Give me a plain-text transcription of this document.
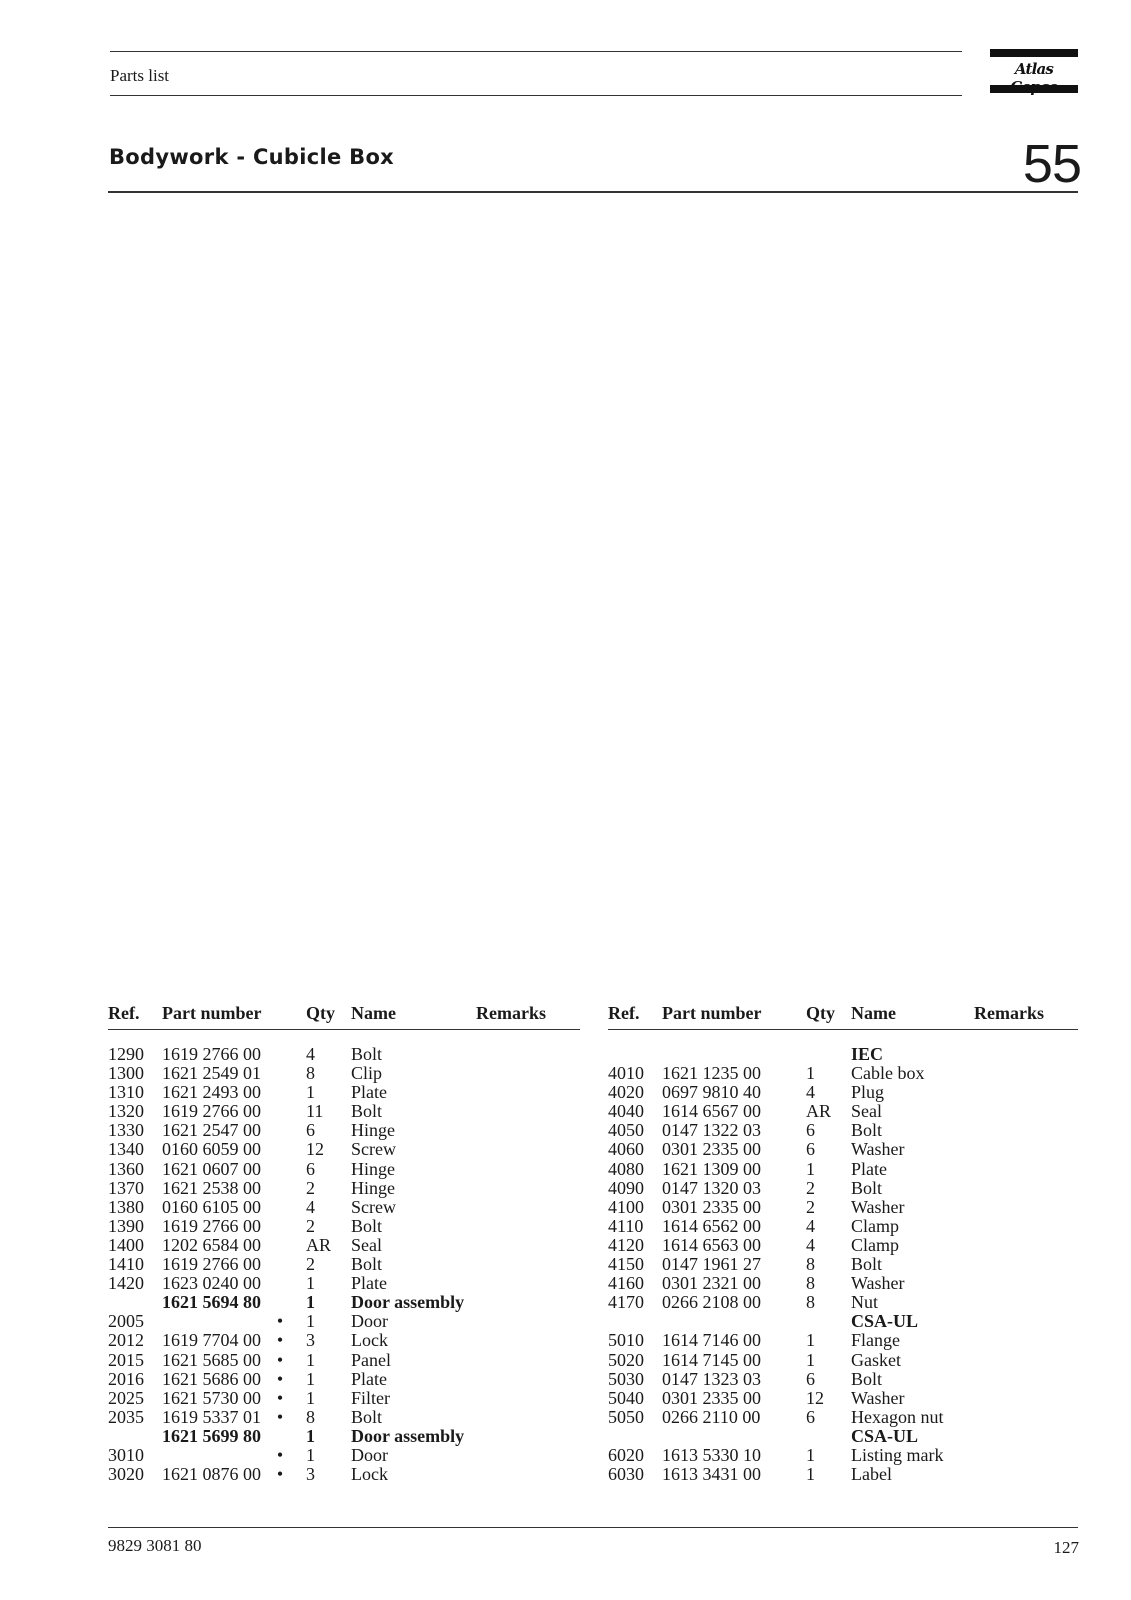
Parts list	Atlas
Bodywork - Cubicle Box	55
Ref. Part number Qty Name	Remarks
1290 1619 2766 00	4 Bolt
1300 1621 2549 01	8 Clip
1310 1621 2493 00	1 Plate
1320 1619 2766 00	11 Bolt
1330 1621 2547 00	6 Hinge
1340 0160 6059 00	12 Screw
1360 1621 0607 00	6 Hinge
1370 1621 2538 00	2 Hinge
1380 0160 6105 00	4 Screw
1390 1619 2766 00	2 Bolt
1400 1202 6584 00	AR Seal
1410 1619 2766 00	2 Bolt
1420 1623 0240 00	1 Plate
1621 5694 80	1 Door assembly
2005	• 1 Door
2012 1619 7704 00 • 3 Lock
2015 1621 5685 00 • 1 Panel
2016 1621 5686 00 • 1 Plate
2025 1621 5730 00 • 1 Filter
2035 1619 5337 01 • 8 Bolt
1621 5699 80	1 Door assembly
3010	• 1 Door
3020 1621 0876 00 • 3 Lock
Ref. Part number Qty Name	Remarks
IEC
4010 1621 1235 00	1 Cable box
4020 0697 9810 40	4 Plug
4040 1614 6567 00	AR Seal
4050 0147 1322 03	6 Bolt
4060 0301 2335 00	6 Washer
4080 1621 1309 00	1 Plate
4090 0147 1320 03	2 Bolt
4100 0301 2335 00	2 Washer
4110 1614 6562 00	4 Clamp
4120 1614 6563 00	4 Clamp
4150 0147 1961 27	8 Bolt
4160 0301 2321 00	8 Washer
4170 0266 2108 00	8 Nut
CSA-UL
5010 1614 7146 00	1 Flange
5020 1614 7145 00	1 Gasket
5030 0147 1323 03	6 Bolt
5040 0301 2335 00	12 Washer
5050 0266 2110 00	6 Hexagon nut
CSA-UL
6020 1613 5330 10	1 Listing mark
6030 1613 3431 00	1 Label
9829 3081 80	127
